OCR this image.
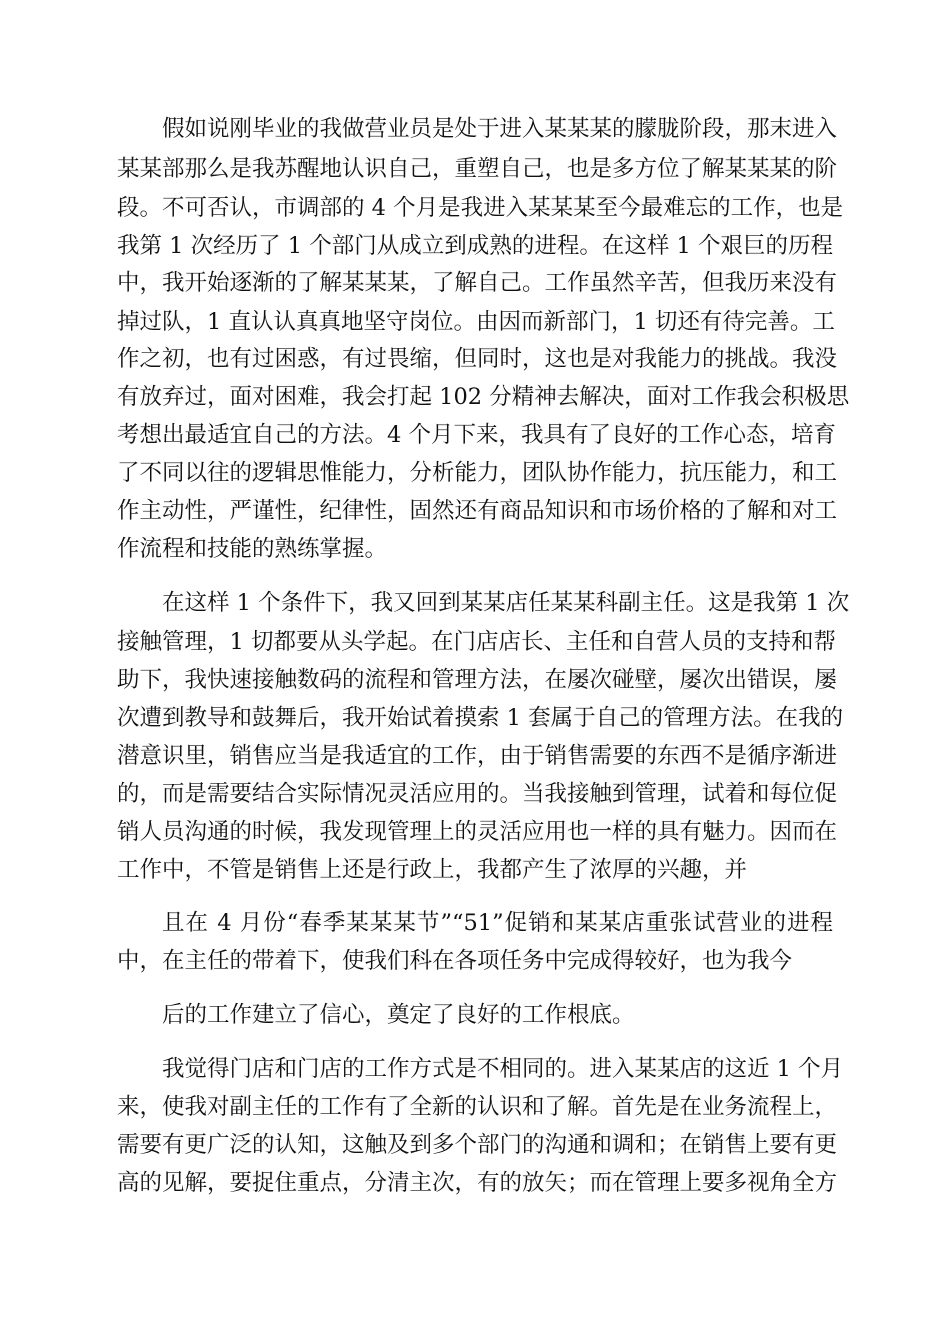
假如说刚毕业的我做营业员是处于进入某某某的朦胧阶段，那末进入
某某部那么是我苏醒地认识自己，重塑自己，也是多方位了解某某某的阶
段。不可否认，市调部的 4 个月是我进入某某某至今最难忘的工作，也是
我第 1 次经历了 1 个部门从成立到成熟的进程。在这样 1 个艰巨的历程
中，我开始逐渐的了解某某某，了解自己。工作虽然辛苦，但我历来没有
掉过队，1 直认认真真地坚守岗位。由因而新部门，1 切还有待完善。工
作之初，也有过困惑，有过畏缩，但同时，这也是对我能力的挑战。我没
有放弃过，面对困难，我会打起 102 分精神去解决，面对工作我会积极思
考想出最适宜自己的方法。4 个月下来，我具有了良好的工作心态，培育
了不同以往的逻辑思惟能力，分析能力，团队协作能力，抗压能力，和工
作主动性，严谨性，纪律性，固然还有商品知识和市场价格的了解和对工
作流程和技能的熟练掌握。
在这样 1 个条件下，我又回到某某店任某某科副主任。这是我第 1 次
接触管理，1 切都要从头学起。在门店店长、主任和自营人员的支持和帮
助下，我快速接触数码的流程和管理方法，在屡次碰壁，屡次出错误，屡
次遭到教导和鼓舞后，我开始试着摸索 1 套属于自己的管理方法。在我的
潜意识里，销售应当是我适宜的工作，由于销售需要的东西不是循序渐进
的，而是需要结合实际情况灵活应用的。当我接触到管理，试着和每位促
销人员沟通的时候，我发现管理上的灵活应用也一样的具有魅力。因而在
工作中，不管是销售上还是行政上，我都产生了浓厚的兴趣，并
且在 4 月份“春季某某某节”“51”促销和某某店重张试营业的进程
中，在主任的带着下，使我们科在各项任务中完成得较好，也为我今
后的工作建立了信心，奠定了良好的工作根底。
我觉得门店和门店的工作方式是不相同的。进入某某店的这近 1 个月
来，使我对副主任的工作有了全新的认识和了解。首先是在业务流程上，
需要有更广泛的认知，这触及到多个部门的沟通和调和；在销售上要有更
高的见解，要捉住重点，分清主次，有的放矢；而在管理上要多视角全方
